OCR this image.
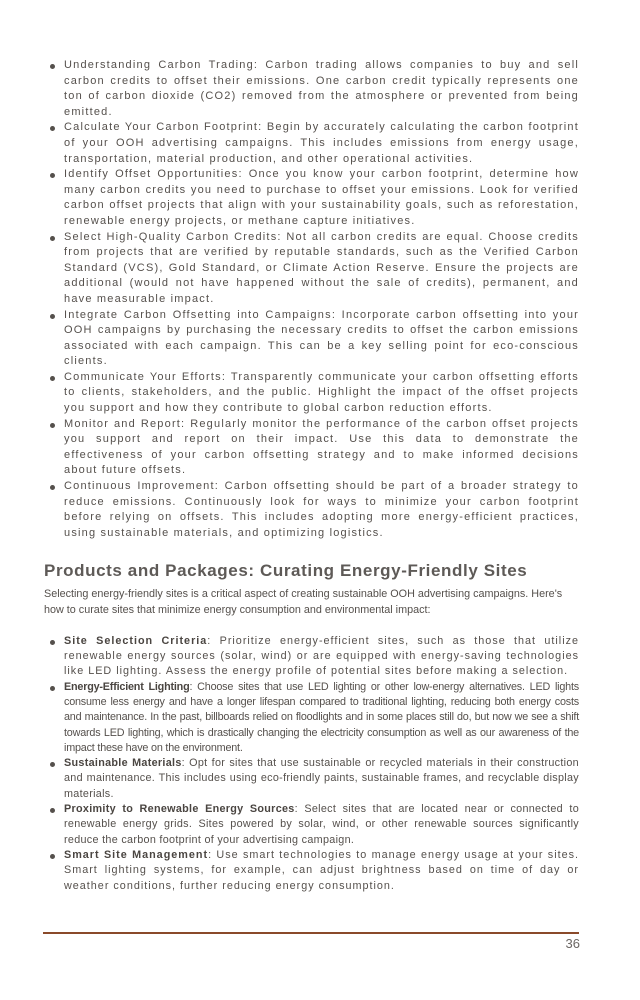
Understanding Carbon Trading: Carbon trading allows companies to buy and sell carbon credits to offset their emissions. One carbon credit typically represents one ton of carbon dioxide (CO2) removed from the atmosphere or prevented from being emitted.
Calculate Your Carbon Footprint: Begin by accurately calculating the carbon footprint of your OOH advertising campaigns. This includes emissions from energy usage, transportation, material production, and other operational activities.
Identify Offset Opportunities: Once you know your carbon footprint, determine how many carbon credits you need to purchase to offset your emissions. Look for verified carbon offset projects that align with your sustainability goals, such as reforestation, renewable energy projects, or methane capture initiatives.
Select High-Quality Carbon Credits: Not all carbon credits are equal. Choose credits from projects that are verified by reputable standards, such as the Verified Carbon Standard (VCS), Gold Standard, or Climate Action Reserve. Ensure the projects are additional (would not have happened without the sale of credits), permanent, and have measurable impact.
Integrate Carbon Offsetting into Campaigns: Incorporate carbon offsetting into your OOH campaigns by purchasing the necessary credits to offset the carbon emissions associated with each campaign. This can be a key selling point for eco-conscious clients.
Communicate Your Efforts: Transparently communicate your carbon offsetting efforts to clients, stakeholders, and the public. Highlight the impact of the offset projects you support and how they contribute to global carbon reduction efforts.
Monitor and Report: Regularly monitor the performance of the carbon offset projects you support and report on their impact. Use this data to demonstrate the effectiveness of your carbon offsetting strategy and to make informed decisions about future offsets.
Continuous Improvement: Carbon offsetting should be part of a broader strategy to reduce emissions. Continuously look for ways to minimize your carbon footprint before relying on offsets. This includes adopting more energy-efficient practices, using sustainable materials, and optimizing logistics.
Products and Packages: Curating Energy-Friendly Sites

Selecting energy-friendly sites is a critical aspect of creating sustainable OOH advertising campaigns. Here's how to curate sites that minimize energy consumption and environmental impact:

Site Selection Criteria: Prioritize energy-efficient sites, such as those that utilize renewable energy sources (solar, wind) or are equipped with energy-saving technologies like LED lighting. Assess the energy profile of potential sites before making a selection.
Energy-Efficient Lighting: Choose sites that use LED lighting or other low-energy alternatives. LED lights consume less energy and have a longer lifespan compared to traditional lighting, reducing both energy costs and maintenance. In the past, billboards relied on floodlights and in some places still do, but now we see a shift towards LED lighting, which is drastically changing the electricity consumption as well as our awareness of the impact these have on the environment.
Sustainable Materials: Opt for sites that use sustainable or recycled materials in their construction and maintenance. This includes using eco-friendly paints, sustainable frames, and recyclable display materials.
Proximity to Renewable Energy Sources: Select sites that are located near or connected to renewable energy grids. Sites powered by solar, wind, or other renewable sources significantly reduce the carbon footprint of your advertising campaign.
Smart Site Management: Use smart technologies to manage energy usage at your sites. Smart lighting systems, for example, can adjust brightness based on time of day or weather conditions, further reducing energy consumption.
36
